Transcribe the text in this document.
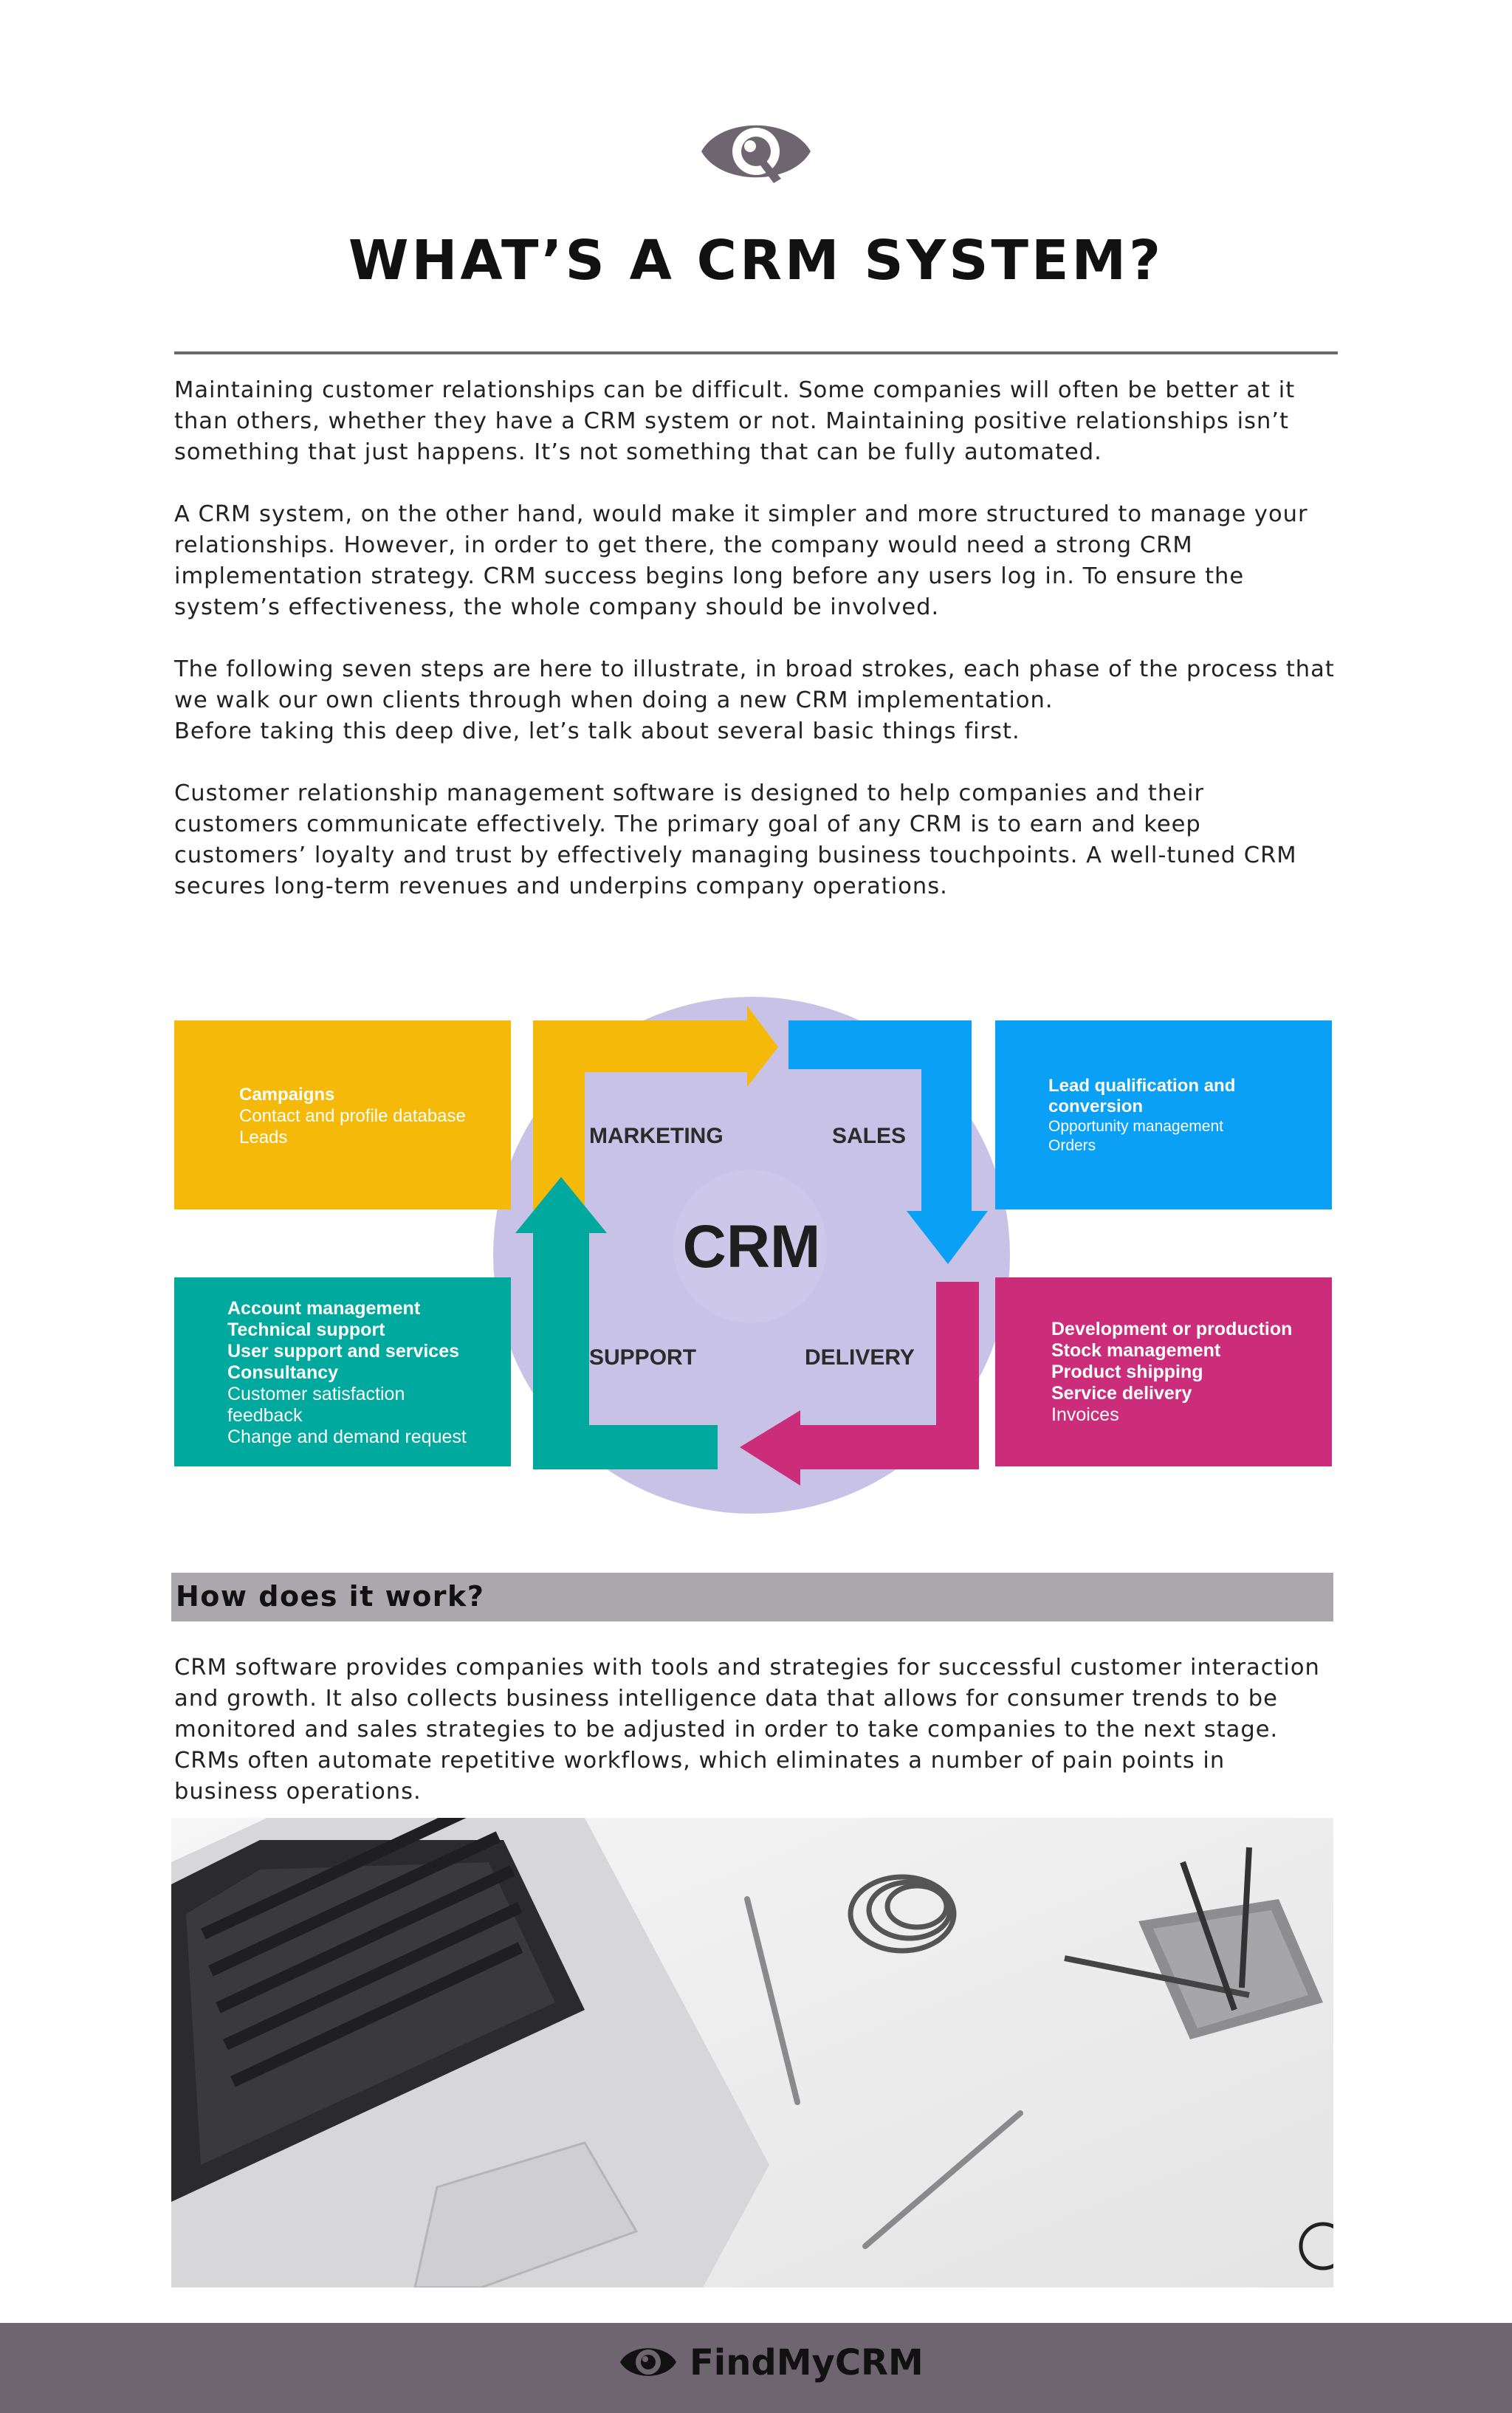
WHAT’S A CRM SYSTEM?
Maintaining customer relationships can be difficult. Some companies will often be better at it
than others, whether they have a CRM system or not. Maintaining positive relationships isn’t
something that just happens. It’s not something that can be fully automated.
A CRM system, on the other hand, would make it simpler and more structured to manage your
relationships. However, in order to get there, the company would need a strong CRM
implementation strategy. CRM success begins long before any users log in. To ensure the
system’s effectiveness, the whole company should be involved.
The following seven steps are here to illustrate, in broad strokes, each phase of the process that
we walk our own clients through when doing a new CRM implementation.
Before taking this deep dive, let’s talk about several basic things first.
Customer relationship management software is designed to help companies and their
customers communicate effectively. The primary goal of any CRM is to earn and keep
customers’ loyalty and trust by effectively managing business touchpoints. A well-tuned CRM
secures long-term revenues and underpins company operations.
MARKETING	SALES
SUPPORT	DELIVERY
CRM
Campaigns
Contact and profile database
Leads
Lead qualification and
conversion
Opportunity management
Orders
Account management
Technical support
User support and services
Consultancy
Customer satisfaction
feedback
Change and demand request
Development or production
Stock management
Product shipping
Service delivery
Invoices
How does it work?
CRM software provides companies with tools and strategies for successful customer interaction
and growth. It also collects business intelligence data that allows for consumer trends to be
monitored and sales strategies to be adjusted in order to take companies to the next stage.
CRMs often automate repetitive workflows, which eliminates a number of pain points in
business operations.
FindMyCRM
